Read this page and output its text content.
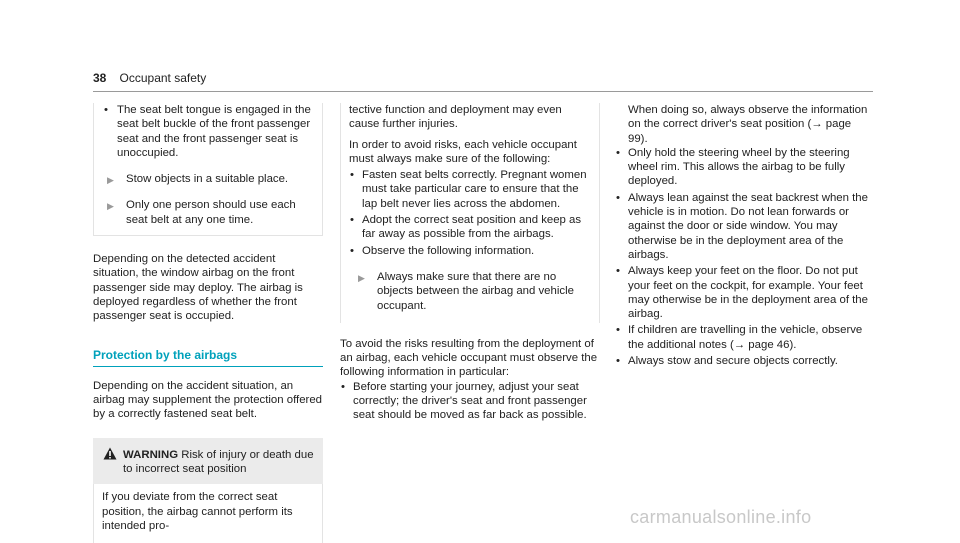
38 Occupant safety
• The seat belt tongue is engaged in the seat belt buckle of the front passenger seat and the front passenger seat is unoccupied.
▶ Stow objects in a suitable place.
▶ Only one person should use each seat belt at any one time.

Depending on the detected accident situation, the window airbag on the front passenger side may deploy. The airbag is deployed regardless of whether the front passenger seat is occupied.

Protection by the airbags

Depending on the accident situation, an airbag may supplement the protection offered by a correctly fastened seat belt.

WARNING Risk of injury or death due to incorrect seat position
If you deviate from the correct seat position, the airbag cannot perform its intended pro-

tective function and deployment may even cause further injuries.

In order to avoid risks, each vehicle occupant must always make sure of the following:

• Fasten seat belts correctly. Pregnant women must take particular care to ensure that the lap belt never lies across the abdomen.
• Adopt the correct seat position and keep as far away as possible from the airbags.
• Observe the following information.
▶ Always make sure that there are no objects between the airbag and vehicle occupant.

To avoid the risks resulting from the deployment of an airbag, each vehicle occupant must observe the following information in particular:

• Before starting your journey, adjust your seat correctly; the driver's seat and front passenger seat should be moved as far back as possible.

When doing so, always observe the information on the correct driver's seat position (→ page 99).

• Only hold the steering wheel by the steering wheel rim. This allows the airbag to be fully deployed.
• Always lean against the seat backrest when the vehicle is in motion. Do not lean forwards or against the door or side window. You may otherwise be in the deployment area of the airbags.
• Always keep your feet on the floor. Do not put your feet on the cockpit, for example. Your feet may otherwise be in the deployment area of the airbag.
• If children are travelling in the vehicle, observe the additional notes (→ page 46).
• Always stow and secure objects correctly.
carmanualsonline.info
